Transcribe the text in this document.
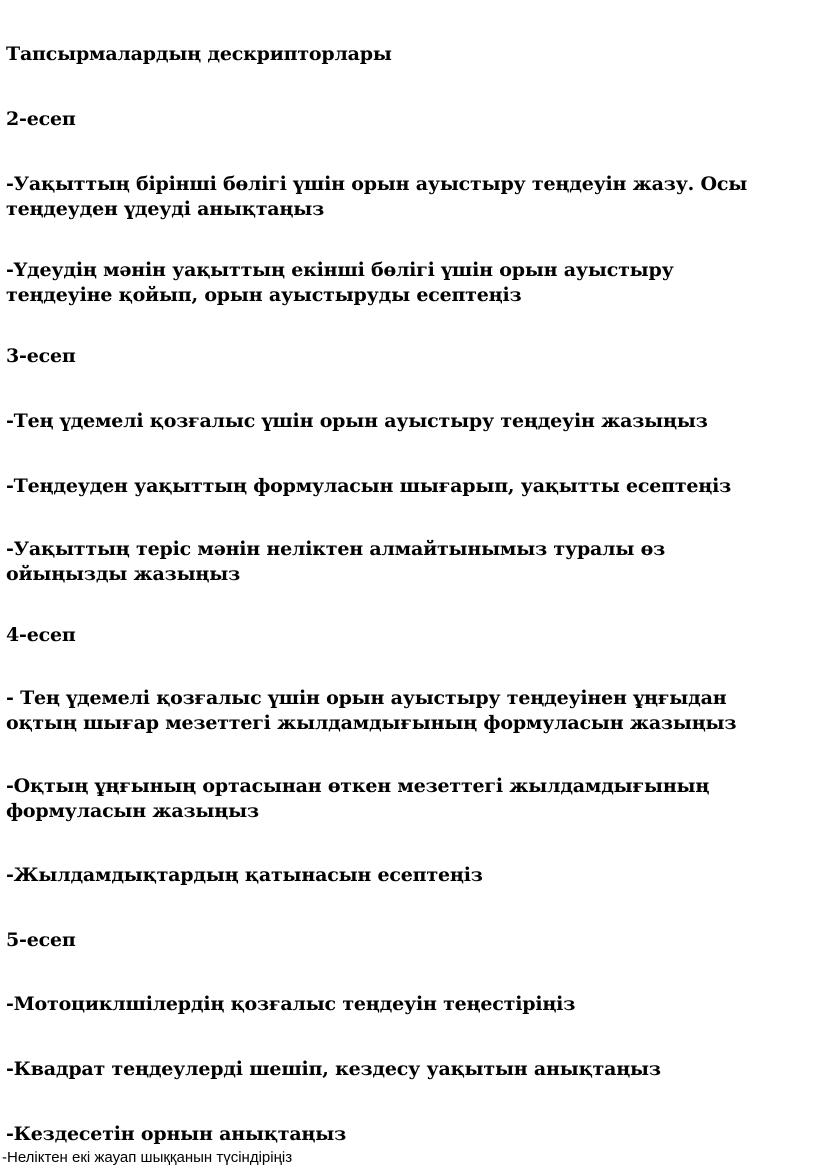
Тапсырмалардың дескрипторлары

2-есеп

-Уақыттың бірінші бөлігі үшін орын ауыстыру теңдеуін жазу. Осы

теңдеуден үдеуді анықтаңыз

-Үдеудің мәнін уақыттың екінші бөлігі үшін орын ауыстыру

теңдеуіне қойып, орын ауыстыруды есептеңіз

3-есеп

-Тең үдемелі қозғалыс үшін орын ауыстыру теңдеуін жазыңыз

-Теңдеуден уақыттың формуласын шығарып, уақытты есептеңіз

-Уақыттың теріс мәнін неліктен алмайтынымыз туралы өз

ойыңызды жазыңыз

4-есеп

- Тең үдемелі қозғалыс үшін орын ауыстыру теңдеуінен ұңғыдан

оқтың шығар мезеттегі жылдамдығының формуласын жазыңыз

-Оқтың ұңғының ортасынан өткен мезеттегі жылдамдығының

формуласын жазыңыз

-Жылдамдықтардың қатынасын есептеңіз

5-есеп

-Мотоциклшілердің қозғалыс теңдеуін теңестіріңіз

-Квадрат теңдеулерді шешіп, кездесу уақытын анықтаңыз

-Кездесетін орнын анықтаңыз

-Неліктен екі жауап шыққанын түсіндіріңіз
